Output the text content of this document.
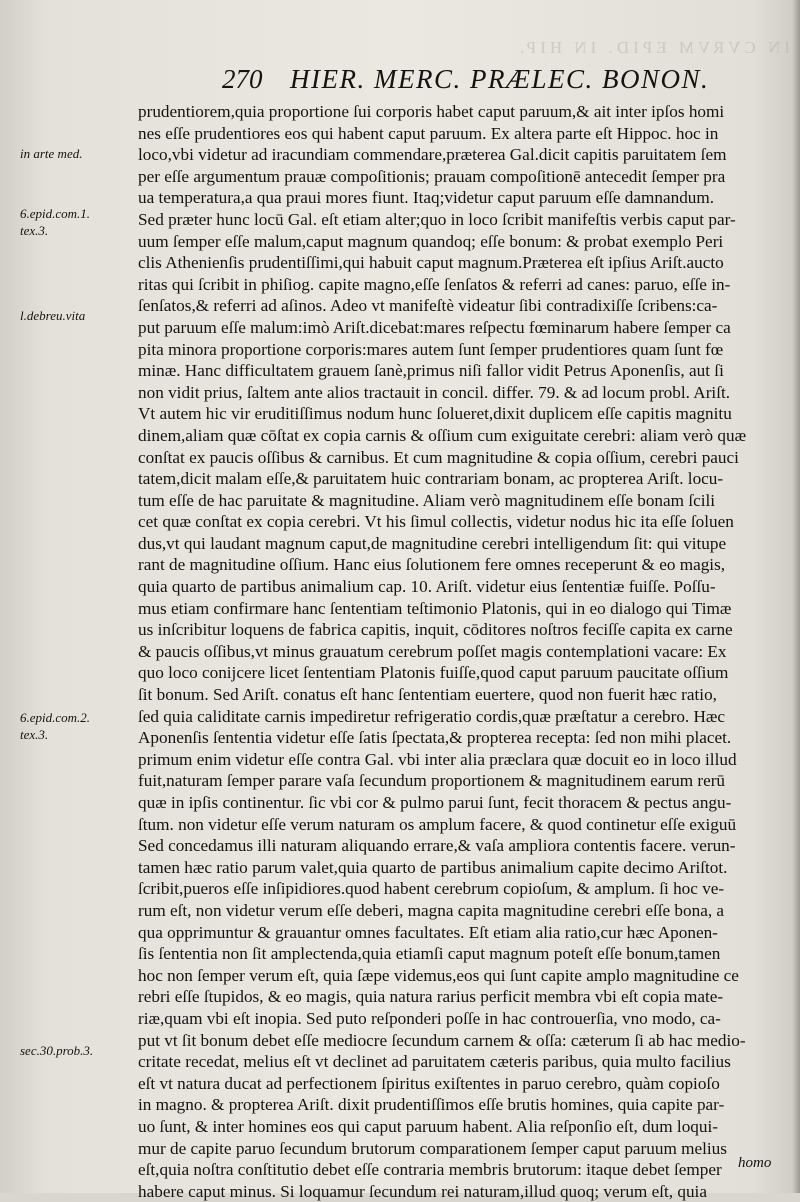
IN CVRVM EPID. IN HIP.
270 HIER. MERC. PRÆLEC. BONON.
in arte med.
6.epid.com.1.
tex.3.
l.debreu.vita
6.epid.com.2.
tex.3.
sec.30.prob.3.
prudentiorem,quia proportione ſui corporis habet caput paruum,& ait inter ipſos homi
nes eſſe prudentiores eos qui habent caput paruum. Ex altera parte eſt Hippoc. hoc in
loco,vbi videtur ad iracundiam commendare,præterea Gal.dicit capitis paruitatem ſem
per eſſe argumentum prauæ compoſitionis; prauam compoſitionē antecedit ſemper pra
ua temperatura,a qua praui mores fiunt. Itaq;videtur caput paruum eſſe damnandum.
Sed præter hunc locū Gal. eſt etiam alter;quo in loco ſcribit manifeſtis verbis caput par-
uum ſemper eſſe malum,caput magnum quandoq; eſſe bonum: & probat exemplo Peri
clis Athenienſis prudentiſſimi,qui habuit caput magnum.Præterea eſt ipſius Ariſt.aucto
ritas qui ſcribit in phiſiog. capite magno,eſſe ſenſatos & referri ad canes: paruo, eſſe in-
ſenſatos,& referri ad aſinos. Adeo vt manifeſtè videatur ſibi contradixiſſe ſcribens:ca-
put paruum eſſe malum:imò Ariſt.dicebat:mares reſpectu fœminarum habere ſemper ca
pita minora proportione corporis:mares autem ſunt ſemper prudentiores quam ſunt fœ
minæ. Hanc difficultatem grauem ſanè,primus niſi fallor vidit Petrus Aponenſis, aut ſi
non vidit prius, ſaltem ante alios tractauit in concil. differ. 79. & ad locum probl. Ariſt.
Vt autem hic vir eruditiſſimus nodum hunc ſolueret,dixit duplicem eſſe capitis magnitu
dinem,aliam quæ cōſtat ex copia carnis & oſſium cum exiguitate cerebri: aliam verò quæ
conſtat ex paucis oſſibus & carnibus. Et cum magnitudine & copia oſſium, cerebri pauci
tatem,dicit malam eſſe,& paruitatem huic contrariam bonam, ac propterea Ariſt. locu-
tum eſſe de hac paruitate & magnitudine. Aliam verò magnitudinem eſſe bonam ſcili
cet quæ conſtat ex copia cerebri. Vt his ſimul collectis, videtur nodus hic ita eſſe ſoluen
dus,vt qui laudant magnum caput,de magnitudine cerebri intelligendum ſit: qui vitupe
rant de magnitudine oſſium. Hanc eius ſolutionem fere omnes receperunt & eo magis,
quia quarto de partibus animalium cap. 10. Ariſt. videtur eius ſententiæ fuiſſe. Poſſu-
mus etiam confirmare hanc ſententiam teſtimonio Platonis, qui in eo dialogo qui Timæ
us inſcribitur loquens de fabrica capitis, inquit, cōditores noſtros feciſſe capita ex carne
& paucis oſſibus,vt minus grauatum cerebrum poſſet magis contemplationi vacare: Ex
quo loco conijcere licet ſententiam Platonis fuiſſe,quod caput paruum paucitate oſſium
ſit bonum. Sed Ariſt. conatus eſt hanc ſententiam euertere, quod non fuerit hæc ratio,
ſed quia caliditate carnis impediretur refrigeratio cordis,quæ præſtatur a cerebro. Hæc
Aponenſis ſententia videtur eſſe ſatis ſpectata,& propterea recepta: ſed non mihi placet.
primum enim videtur eſſe contra Gal. vbi inter alia præclara quæ docuit eo in loco illud
fuit,naturam ſemper parare vaſa ſecundum proportionem & magnitudinem earum rerū
quæ in ipſis continentur. ſic vbi cor & pulmo parui ſunt, fecit thoracem & pectus angu-
ſtum. non videtur eſſe verum naturam os amplum facere, & quod continetur eſſe exiguū
Sed concedamus illi naturam aliquando errare,& vaſa ampliora contentis facere. verun-
tamen hæc ratio parum valet,quia quarto de partibus animalium capite decimo Ariſtot.
ſcribit,pueros eſſe inſipidiores.quod habent cerebrum copioſum, & amplum. ſi hoc ve-
rum eſt, non videtur verum eſſe deberi, magna capita magnitudine cerebri eſſe bona, a
qua opprimuntur & grauantur omnes facultates. Eſt etiam alia ratio,cur hæc Aponen-
ſis ſententia non ſit amplectenda,quia etiamſi caput magnum poteſt eſſe bonum,tamen
hoc non ſemper verum eſt, quia ſæpe videmus,eos qui ſunt capite amplo magnitudine ce
rebri eſſe ſtupidos, & eo magis, quia natura rarius perficit membra vbi eſt copia mate-
riæ,quam vbi eſt inopia. Sed puto reſponderi poſſe in hac controuerſia, vno modo, ca-
put vt ſit bonum debet eſſe mediocre ſecundum carnem & oſſa: cæterum ſi ab hac medio-
critate recedat, melius eſt vt declinet ad paruitatem cæteris paribus, quia multo facilius
eſt vt natura ducat ad perfectionem ſpiritus exiſtentes in paruo cerebro, quàm copioſo
in magno. & propterea Ariſt. dixit prudentiſſimos eſſe brutis homines, quia capite par-
uo ſunt, & inter homines eos qui caput paruum habent. Alia reſponſio eſt, dum loqui-
mur de capite paruo ſecundum brutorum comparationem ſemper caput paruum melius
eſt,quia noſtra conſtitutio debet eſſe contraria membris brutorum: itaque debet ſemper
habere caput minus. Si loquamur ſecundum rei naturam,illud quoq; verum eſt, quia
homo
